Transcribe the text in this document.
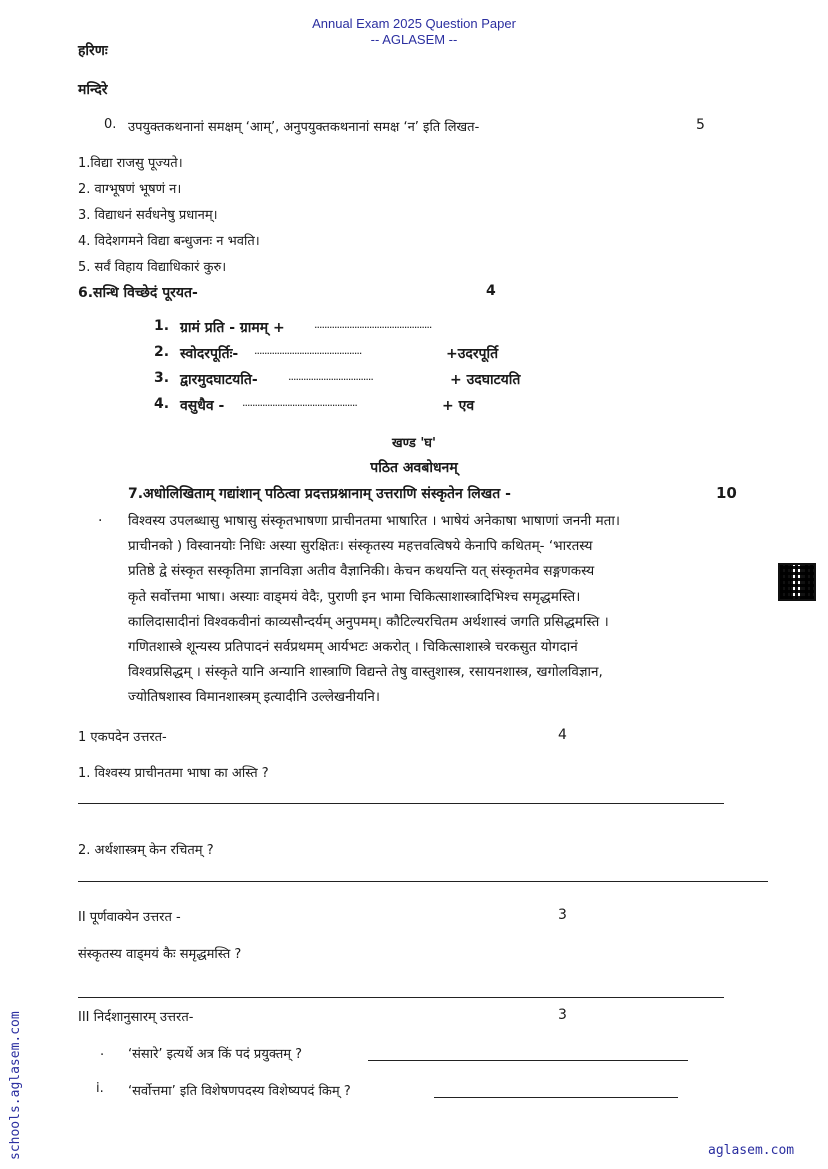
Annual Exam 2025 Question Paper
-- AGLASEM --
हरिणः
मन्दिरे
0. उपयुक्तकथनानां समक्षम् ‘आम्’, अनुपयुक्तकथनानां समक्ष ‘न’ इति लिखत-	5
1.विद्या राजसु पूज्यते।
2. वाग्भूषणं भूषणं न।
3. विद्याधनं सर्वधनेषु प्रधानम्।
4. विदेशगमने विद्या बन्धुजनः न भवति।
5. सर्वं विहाय विद्याधिकारं कुरु।
6.सन्धि विच्छेदं पूरयत-	4
1. ग्रामं प्रति - ग्रामम् +	...............................................
2. स्वोदरपूर्तिः- ...........................................	+उदरपूर्ति
3. द्वारमुदघाटयति-	..................................	+ उदघाटयति
4. वसुधैव - ..............................................	+ एव
खण्ड 'घ'
पठित अवबोधनम्
7.अधोलिखिताम् गद्यांशान् पठित्वा प्रदत्तप्रश्नानाम् उत्तराणि संस्कृतेन लिखत -	10
. विश्वस्य उपलब्धासु भाषासु संस्कृतभाषणा प्राचीनतमा भाषारित । भाषेयं अनेकाषा भाषाणां जननी मता।
प्राचीनको ) विस्वानयोः निधिः अस्या सुरक्षितः। संस्कृतस्य महत्तवत्विषये केनापि कथितम्- ‘भारतस्य
प्रतिष्ठे द्वे संस्कृत सस्कृतिमा ज्ञानविज्ञा अतीव वैज्ञानिकी। केचन कथयन्ति यत् संस्कृतमेव सङ्गणकस्य
कृते सर्वोत्तमा भाषा। अस्याः वाड्मयं वेदैः, पुराणी इन भामा चिकित्साशास्त्रादिभिश्च समृद्धमस्ति।
कालिदासादीनां विश्वकवीनां काव्यसौन्दर्यम् अनुपमम्। कौटिल्यरचितम अर्थशास्वं जगति प्रसिद्धमस्ति ।
गणितशास्त्रे शून्यस्य प्रतिपादनं सर्वप्रथमम् आर्यभटः अकरोत् । चिकित्साशास्त्रे चरकसुत योगदानं
विश्वप्रसिद्धम् । संस्कृते यानि अन्यानि शास्त्राणि विद्यन्ते तेषु वास्तुशास्त्र, रसायनशास्त्र, खगोलविज्ञान,
ज्योतिषशास्व विमानशास्त्रम् इत्यादीनि उल्लेखनीयनि।
1 एकपदेन उत्तरत-	4
1. विश्वस्य प्राचीनतमा भाषा का अस्ति ?
2. अर्थशास्त्रम् केन रचितम् ?
II पूर्णवाक्येन उत्तरत -	3
संस्कृतस्य वाड्मयं कैः समृद्धमस्ति ?
III निर्दशानुसारम् उत्तरत-	3
. ‘संसारे’ इत्यर्थे अत्र किं पदं प्रयुक्तम् ?
i. ‘सर्वोत्तमा’ इति विशेषणपदस्य विशेष्यपदं किम् ?
schools.aglasem.com	aglasem.com
